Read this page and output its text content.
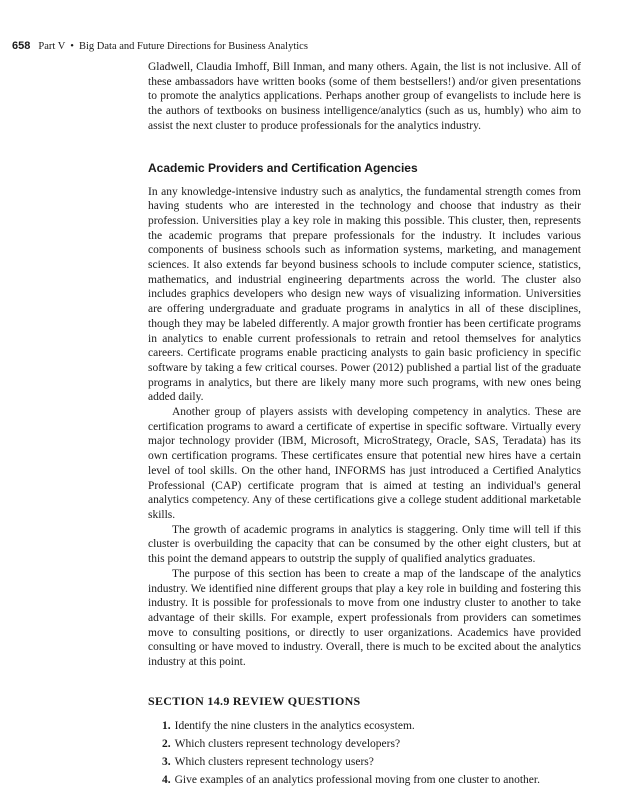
658 Part V • Big Data and Future Directions for Business Analytics

Gladwell, Claudia Imhoff, Bill Inman, and many others. Again, the list is not inclusive. All of these ambassadors have written books (some of them bestsellers!) and/or given presentations to promote the analytics applications. Perhaps another group of evangelists to include here is the authors of textbooks on business intelligence/analytics (such as us, humbly) who aim to assist the next cluster to produce professionals for the analytics industry.

Academic Providers and Certification Agencies

In any knowledge-intensive industry such as analytics, the fundamental strength comes from having students who are interested in the technology and choose that industry as their profession. Universities play a key role in making this possible. This cluster, then, represents the academic programs that prepare professionals for the industry. It includes various components of business schools such as information systems, marketing, and management sciences. It also extends far beyond business schools to include computer science, statistics, mathematics, and industrial engineering departments across the world. The cluster also includes graphics developers who design new ways of visualizing information. Universities are offering undergraduate and graduate programs in analytics in all of these disciplines, though they may be labeled differently. A major growth frontier has been certificate programs in analytics to enable current professionals to retrain and retool themselves for analytics careers. Certificate programs enable practicing analysts to gain basic proficiency in specific software by taking a few critical courses. Power (2012) published a partial list of the graduate programs in analytics, but there are likely many more such programs, with new ones being added daily.

Another group of players assists with developing competency in analytics. These are certification programs to award a certificate of expertise in specific software. Virtually every major technology provider (IBM, Microsoft, MicroStrategy, Oracle, SAS, Teradata) has its own certification programs. These certificates ensure that potential new hires have a certain level of tool skills. On the other hand, INFORMS has just introduced a Certified Analytics Professional (CAP) certificate program that is aimed at testing an individual's general analytics competency. Any of these certifications give a college student additional marketable skills.

The growth of academic programs in analytics is staggering. Only time will tell if this cluster is overbuilding the capacity that can be consumed by the other eight clusters, but at this point the demand appears to outstrip the supply of qualified analytics graduates.

The purpose of this section has been to create a map of the landscape of the analytics industry. We identified nine different groups that play a key role in building and fostering this industry. It is possible for professionals to move from one industry cluster to another to take advantage of their skills. For example, expert professionals from providers can sometimes move to consulting positions, or directly to user organizations. Academics have provided consulting or have moved to industry. Overall, there is much to be excited about the analytics industry at this point.

SECTION 14.9 REVIEW QUESTIONS
1. Identify the nine clusters in the analytics ecosystem.
2. Which clusters represent technology developers?
3. Which clusters represent technology users?
4. Give examples of an analytics professional moving from one cluster to another.
